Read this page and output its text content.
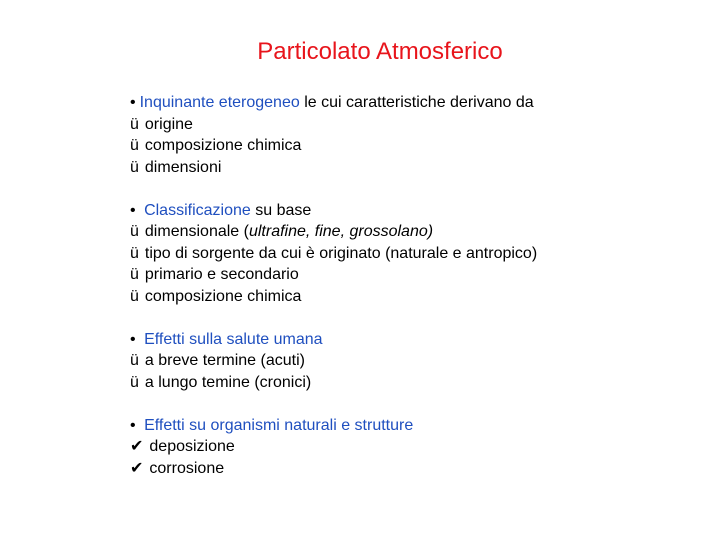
Particolato Atmosferico
• Inquinante eterogeneo le cui caratteristiche derivano da
ü origine
ü composizione chimica
ü dimensioni
• Classificazione su base
ü dimensionale (ultrafine, fine, grossolano)
ü tipo di sorgente da cui è originato (naturale e antropico)
ü primario e secondario
ü composizione chimica
• Effetti sulla salute umana
ü a breve termine (acuti)
ü a lungo temine (cronici)
• Effetti su organismi naturali e strutture
✔ deposizione
✔ corrosione
